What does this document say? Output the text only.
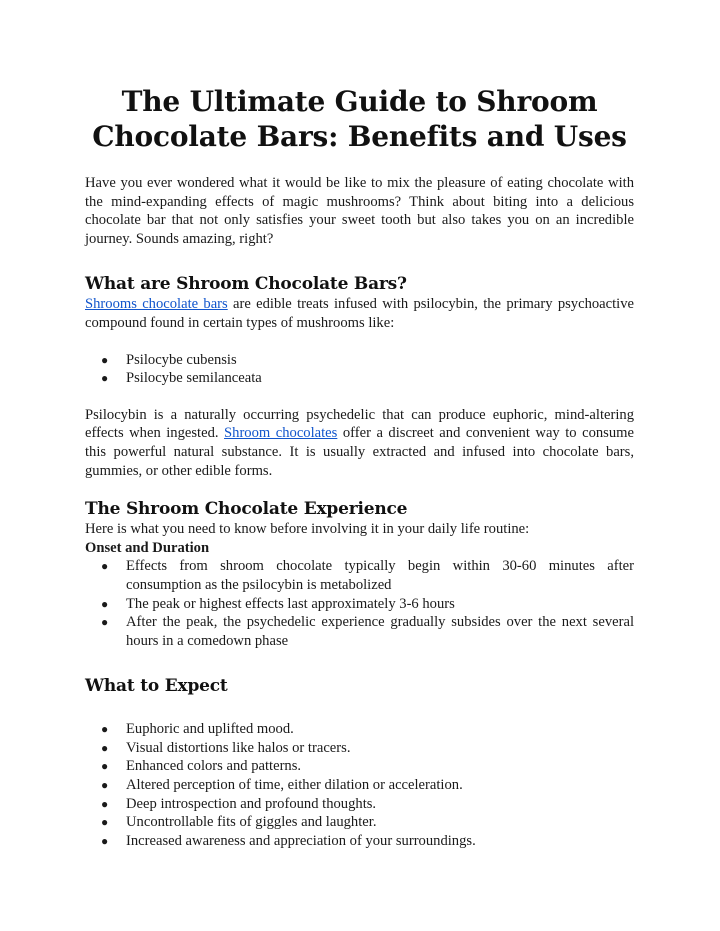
The Ultimate Guide to Shroom Chocolate Bars: Benefits and Uses

Have you ever wondered what it would be like to mix the pleasure of eating chocolate with the mind-expanding effects of magic mushrooms? Think about biting into a delicious chocolate bar that not only satisfies your sweet tooth but also takes you on an incredible journey. Sounds amazing, right?

What are Shroom Chocolate Bars?

Shrooms chocolate bars are edible treats infused with psilocybin, the primary psychoactive compound found in certain types of mushrooms like:

● Psilocybe cubensis
● Psilocybe semilanceata

Psilocybin is a naturally occurring psychedelic that can produce euphoric, mind-altering effects when ingested. Shroom chocolates offer a discreet and convenient way to consume this powerful natural substance. It is usually extracted and infused into chocolate bars, gummies, or other edible forms.

The Shroom Chocolate Experience

Here is what you need to know before involving it in your daily life routine:

Onset and Duration
● Effects from shroom chocolate typically begin within 30-60 minutes after consumption as the psilocybin is metabolized
● The peak or highest effects last approximately 3-6 hours
● After the peak, the psychedelic experience gradually subsides over the next several hours in a comedown phase
What to Expect
● Euphoric and uplifted mood.
● Visual distortions like halos or tracers.
● Enhanced colors and patterns.
● Altered perception of time, either dilation or acceleration.
● Deep introspection and profound thoughts.
● Uncontrollable fits of giggles and laughter.
● Increased awareness and appreciation of your surroundings.
